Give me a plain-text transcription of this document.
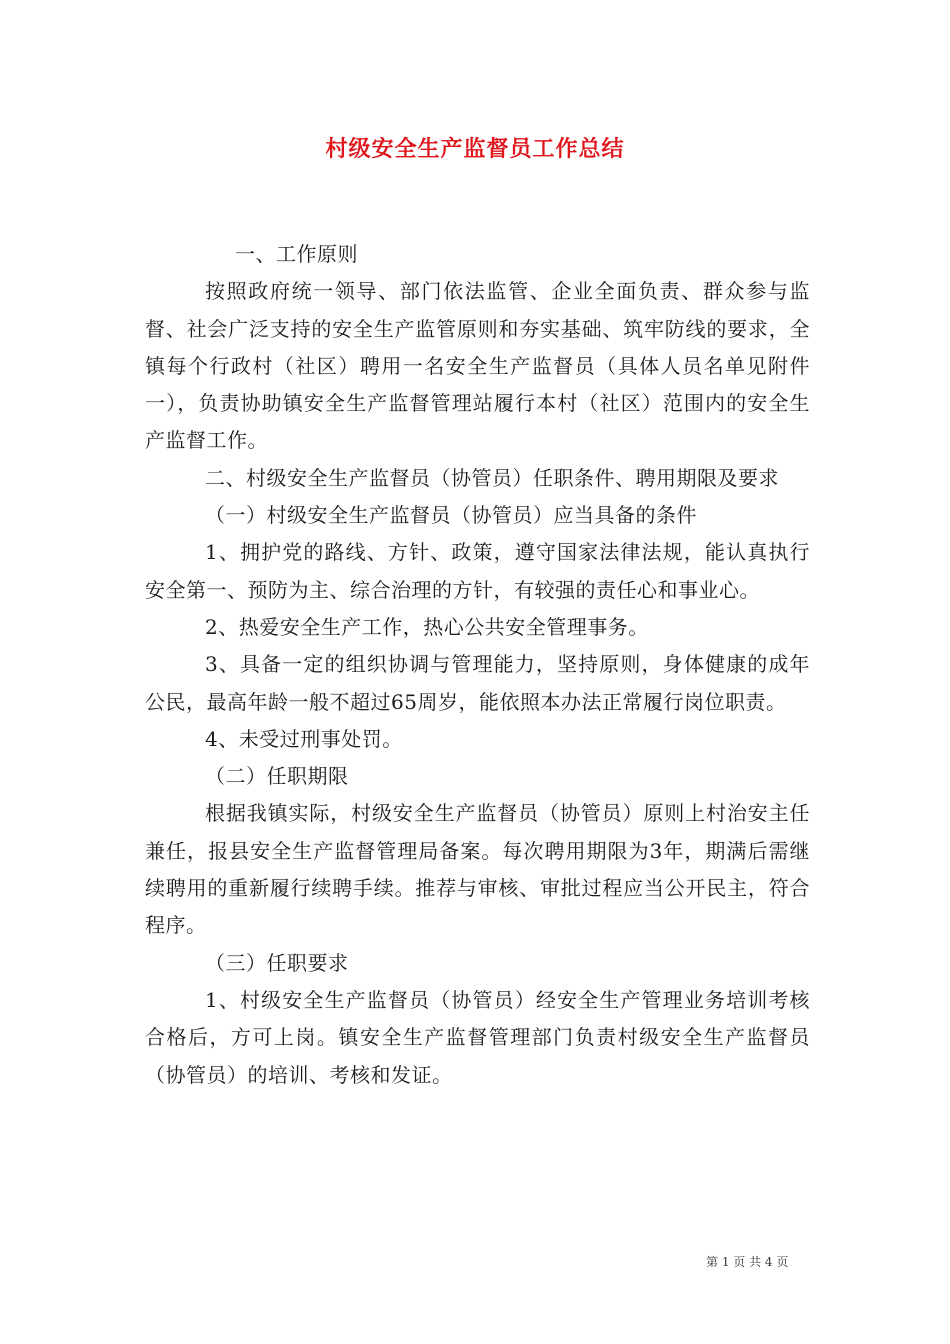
村级安全生产监督员工作总结

一、工作原则

按照政府统一领导、部门依法监管、企业全面负责、群众参与监督、社会广泛支持的安全生产监管原则和夯实基础、筑牢防线的要求，全镇每个行政村（社区）聘用一名安全生产监督员（具体人员名单见附件一），负责协助镇安全生产监督管理站履行本村（社区）范围内的安全生产监督工作。

二、村级安全生产监督员（协管员）任职条件、聘用期限及要求

（一）村级安全生产监督员（协管员）应当具备的条件

1、拥护党的路线、方针、政策，遵守国家法律法规，能认真执行安全第一、预防为主、综合治理的方针，有较强的责任心和事业心。

2、热爱安全生产工作，热心公共安全管理事务。

3、具备一定的组织协调与管理能力，坚持原则，身体健康的成年公民，最高年龄一般不超过65周岁，能依照本办法正常履行岗位职责。

4、未受过刑事处罚。

（二）任职期限

根据我镇实际，村级安全生产监督员（协管员）原则上村治安主任兼任，报县安全生产监督管理局备案。每次聘用期限为3年，期满后需继续聘用的重新履行续聘手续。推荐与审核、审批过程应当公开民主，符合程序。

（三）任职要求

1、村级安全生产监督员（协管员）经安全生产管理业务培训考核合格后，方可上岗。镇安全生产监督管理部门负责村级安全生产监督员（协管员）的培训、考核和发证。

第 1 页 共 4 页
